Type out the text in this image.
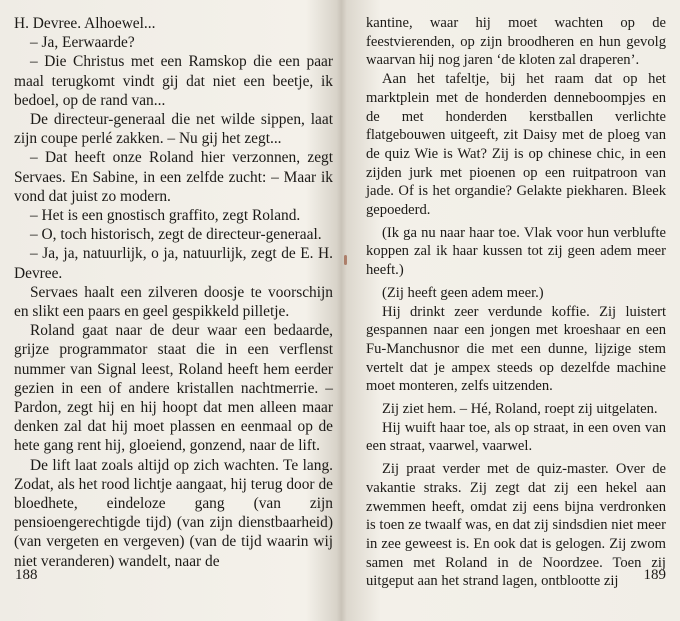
H. Devree. Alhoewel...

– Ja, Eerwaarde?

– Die Christus met een Ramskop die een paar maal terugkomt vindt gij dat niet een beetje, ik bedoel, op de rand van...

De directeur-generaal die net wilde sippen, laat zijn coupe perlé zakken. – Nu gij het zegt...

– Dat heeft onze Roland hier verzonnen, zegt Servaes. En Sabine, in een zelfde zucht: – Maar ik vond dat juist zo modern.

– Het is een gnostisch graffito, zegt Roland.

– O, toch historisch, zegt de directeur-generaal.

– Ja, ja, natuurlijk, o ja, natuurlijk, zegt de E. H. Devree.

Servaes haalt een zilveren doosje te voorschijn en slikt een paars en geel gespikkeld pilletje.

Roland gaat naar de deur waar een bedaarde, grijze programmator staat die in een verflenst nummer van Signal leest, Roland heeft hem eerder gezien in een of andere kristallen nachtmerrie. – Pardon, zegt hij en hij hoopt dat men alleen maar denken zal dat hij moet plassen en eenmaal op de hete gang rent hij, gloeiend, gonzend, naar de lift.

De lift laat zoals altijd op zich wachten. Te lang. Zodat, als het rood lichtje aangaat, hij terug door de bloedhete, eindeloze gang (van zijn pensioengerechtigde tijd) (van zijn dienstbaarheid) (van vergeten en vergeven) (van de tijd waarin wij niet veranderen) wandelt, naar de

188

kantine, waar hij moet wachten op de feestvierenden, op zijn broodheren en hun gevolg waarvan hij nog jaren ‘de kloten zal draperen’.

Aan het tafeltje, bij het raam dat op het marktplein met de honderden denneboompjes en de met honderden kerstballen verlichte flatgebouwen uitgeeft, zit Daisy met de ploeg van de quiz Wie is Wat? Zij is op chinese chic, in een zijden jurk met pioenen op een ruitpatroon van jade. Of is het organdie? Gelakte piekharen. Bleek gepoederd.

(Ik ga nu naar haar toe. Vlak voor hun verblufte koppen zal ik haar kussen tot zij geen adem meer heeft.)

(Zij heeft geen adem meer.)

Hij drinkt zeer verdunde koffie. Zij luistert gespannen naar een jongen met kroeshaar en een Fu-Manchusnor die met een dunne, lijzige stem vertelt dat je ampex steeds op dezelfde machine moet monteren, zelfs uitzenden.

Zij ziet hem. – Hé, Roland, roept zij uitgelaten.

Hij wuift haar toe, als op straat, in een oven van een straat, vaarwel, vaarwel.

Zij praat verder met de quiz-master. Over de vakantie straks. Zij zegt dat zij een hekel aan zwemmen heeft, omdat zij eens bijna verdronken is toen ze twaalf was, en dat zij sindsdien niet meer in zee geweest is. En ook dat is gelogen. Zij zwom samen met Roland in de Noordzee. Toen zij uitgeput aan het strand lagen, ontblootte zij	189
